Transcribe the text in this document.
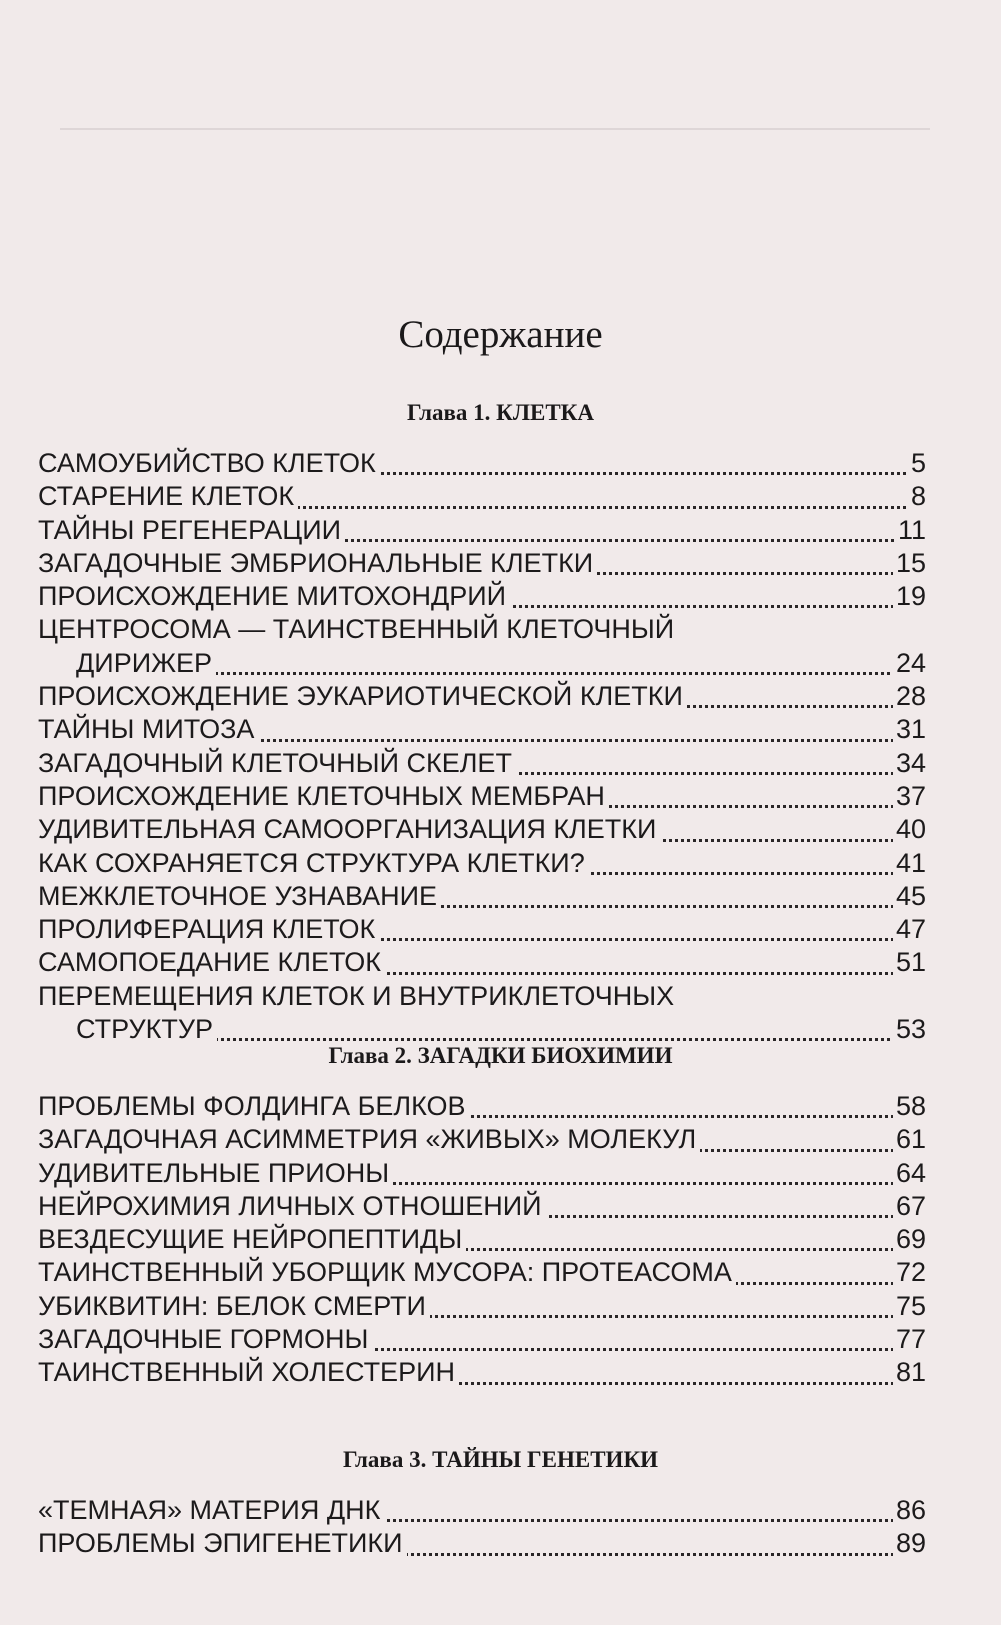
Содержание
Глава 1. КЛЕТКА
САМОУБИЙСТВО КЛЕТОК	5
СТАРЕНИЕ КЛЕТОК	8
ТАЙНЫ РЕГЕНЕРАЦИИ	11
ЗАГАДОЧНЫЕ ЭМБРИОНАЛЬНЫЕ КЛЕТКИ	15
ПРОИСХОЖДЕНИЕ МИТОХОНДРИЙ	19
ЦЕНТРОСОМА — ТАИНСТВЕННЫЙ КЛЕТОЧНЫЙ
ДИРИЖЕР	24
ПРОИСХОЖДЕНИЕ ЭУКАРИОТИЧЕСКОЙ КЛЕТКИ	28
ТАЙНЫ МИТОЗА	31
ЗАГАДОЧНЫЙ КЛЕТОЧНЫЙ СКЕЛЕТ	34
ПРОИСХОЖДЕНИЕ КЛЕТОЧНЫХ МЕМБРАН	37
УДИВИТЕЛЬНАЯ САМООРГАНИЗАЦИЯ КЛЕТКИ	40
КАК СОХРАНЯЕТСЯ СТРУКТУРА КЛЕТКИ?	41
МЕЖКЛЕТОЧНОЕ УЗНАВАНИЕ	45
ПРОЛИФЕРАЦИЯ КЛЕТОК	47
САМОПОЕДАНИЕ КЛЕТОК	51
ПЕРЕМЕЩЕНИЯ КЛЕТОК И ВНУТРИКЛЕТОЧНЫХ
СТРУКТУР	53
Глава 2. ЗАГАДКИ БИОХИМИИ
ПРОБЛЕМЫ ФОЛДИНГА БЕЛКОВ	58
ЗАГАДОЧНАЯ АСИММЕТРИЯ «ЖИВЫХ» МОЛЕКУЛ	61
УДИВИТЕЛЬНЫЕ ПРИОНЫ	64
НЕЙРОХИМИЯ ЛИЧНЫХ ОТНОШЕНИЙ	67
ВЕЗДЕСУЩИЕ НЕЙРОПЕПТИДЫ	69
ТАИНСТВЕННЫЙ УБОРЩИК МУСОРА: ПРОТЕАСОМА	72
УБИКВИТИН: БЕЛОК СМЕРТИ	75
ЗАГАДОЧНЫЕ ГОРМОНЫ	77
ТАИНСТВЕННЫЙ ХОЛЕСТЕРИН	81
Глава 3. ТАЙНЫ ГЕНЕТИКИ
«ТЕМНАЯ» МАТЕРИЯ ДНК	86
ПРОБЛЕМЫ ЭПИГЕНЕТИКИ	89
